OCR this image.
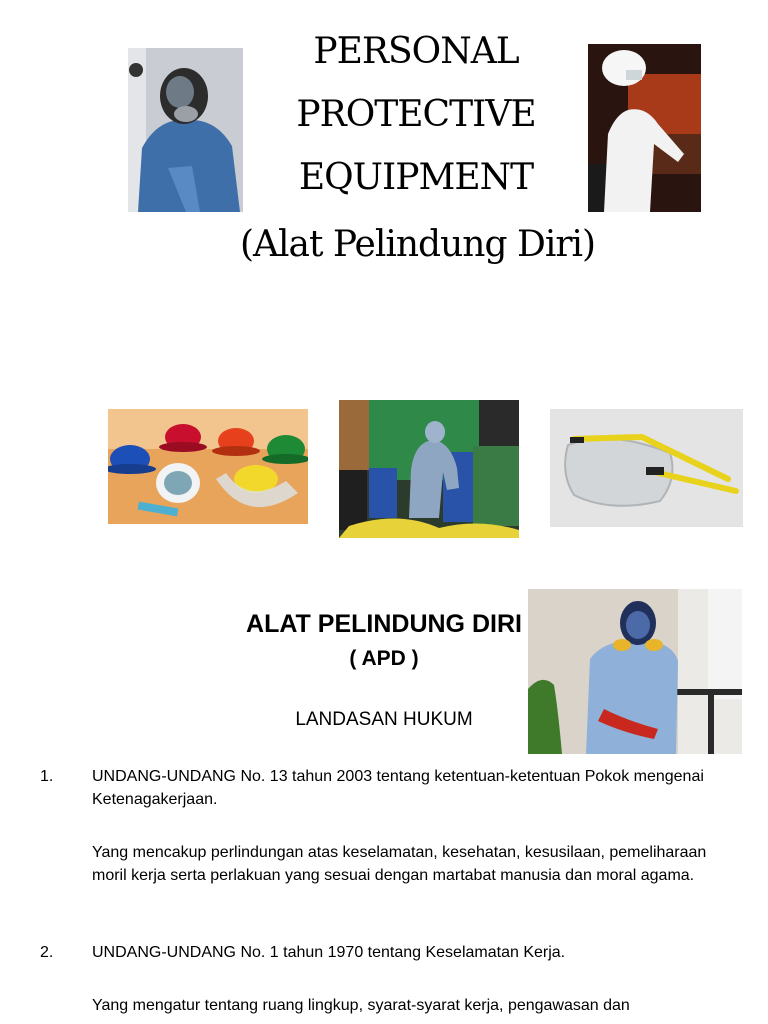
PERSONAL
PROTECTIVE
EQUIPMENT
(Alat Pelindung Diri)
ALAT PELINDUNG DIRI
( APD )
LANDASAN HUKUM
1. UNDANG-UNDANG No. 13 tahun 2003 tentang ketentuan-ketentuan Pokok mengenai Ketenagakerjaan.
Yang mencakup perlindungan atas keselamatan, kesehatan, kesusilaan, pemeliharaan moril kerja serta perlakuan yang sesuai dengan martabat manusia dan moral agama.
2. UNDANG-UNDANG No. 1 tahun 1970 tentang Keselamatan Kerja.
Yang mengatur tentang ruang lingkup, syarat-syarat kerja, pengawasan dan
